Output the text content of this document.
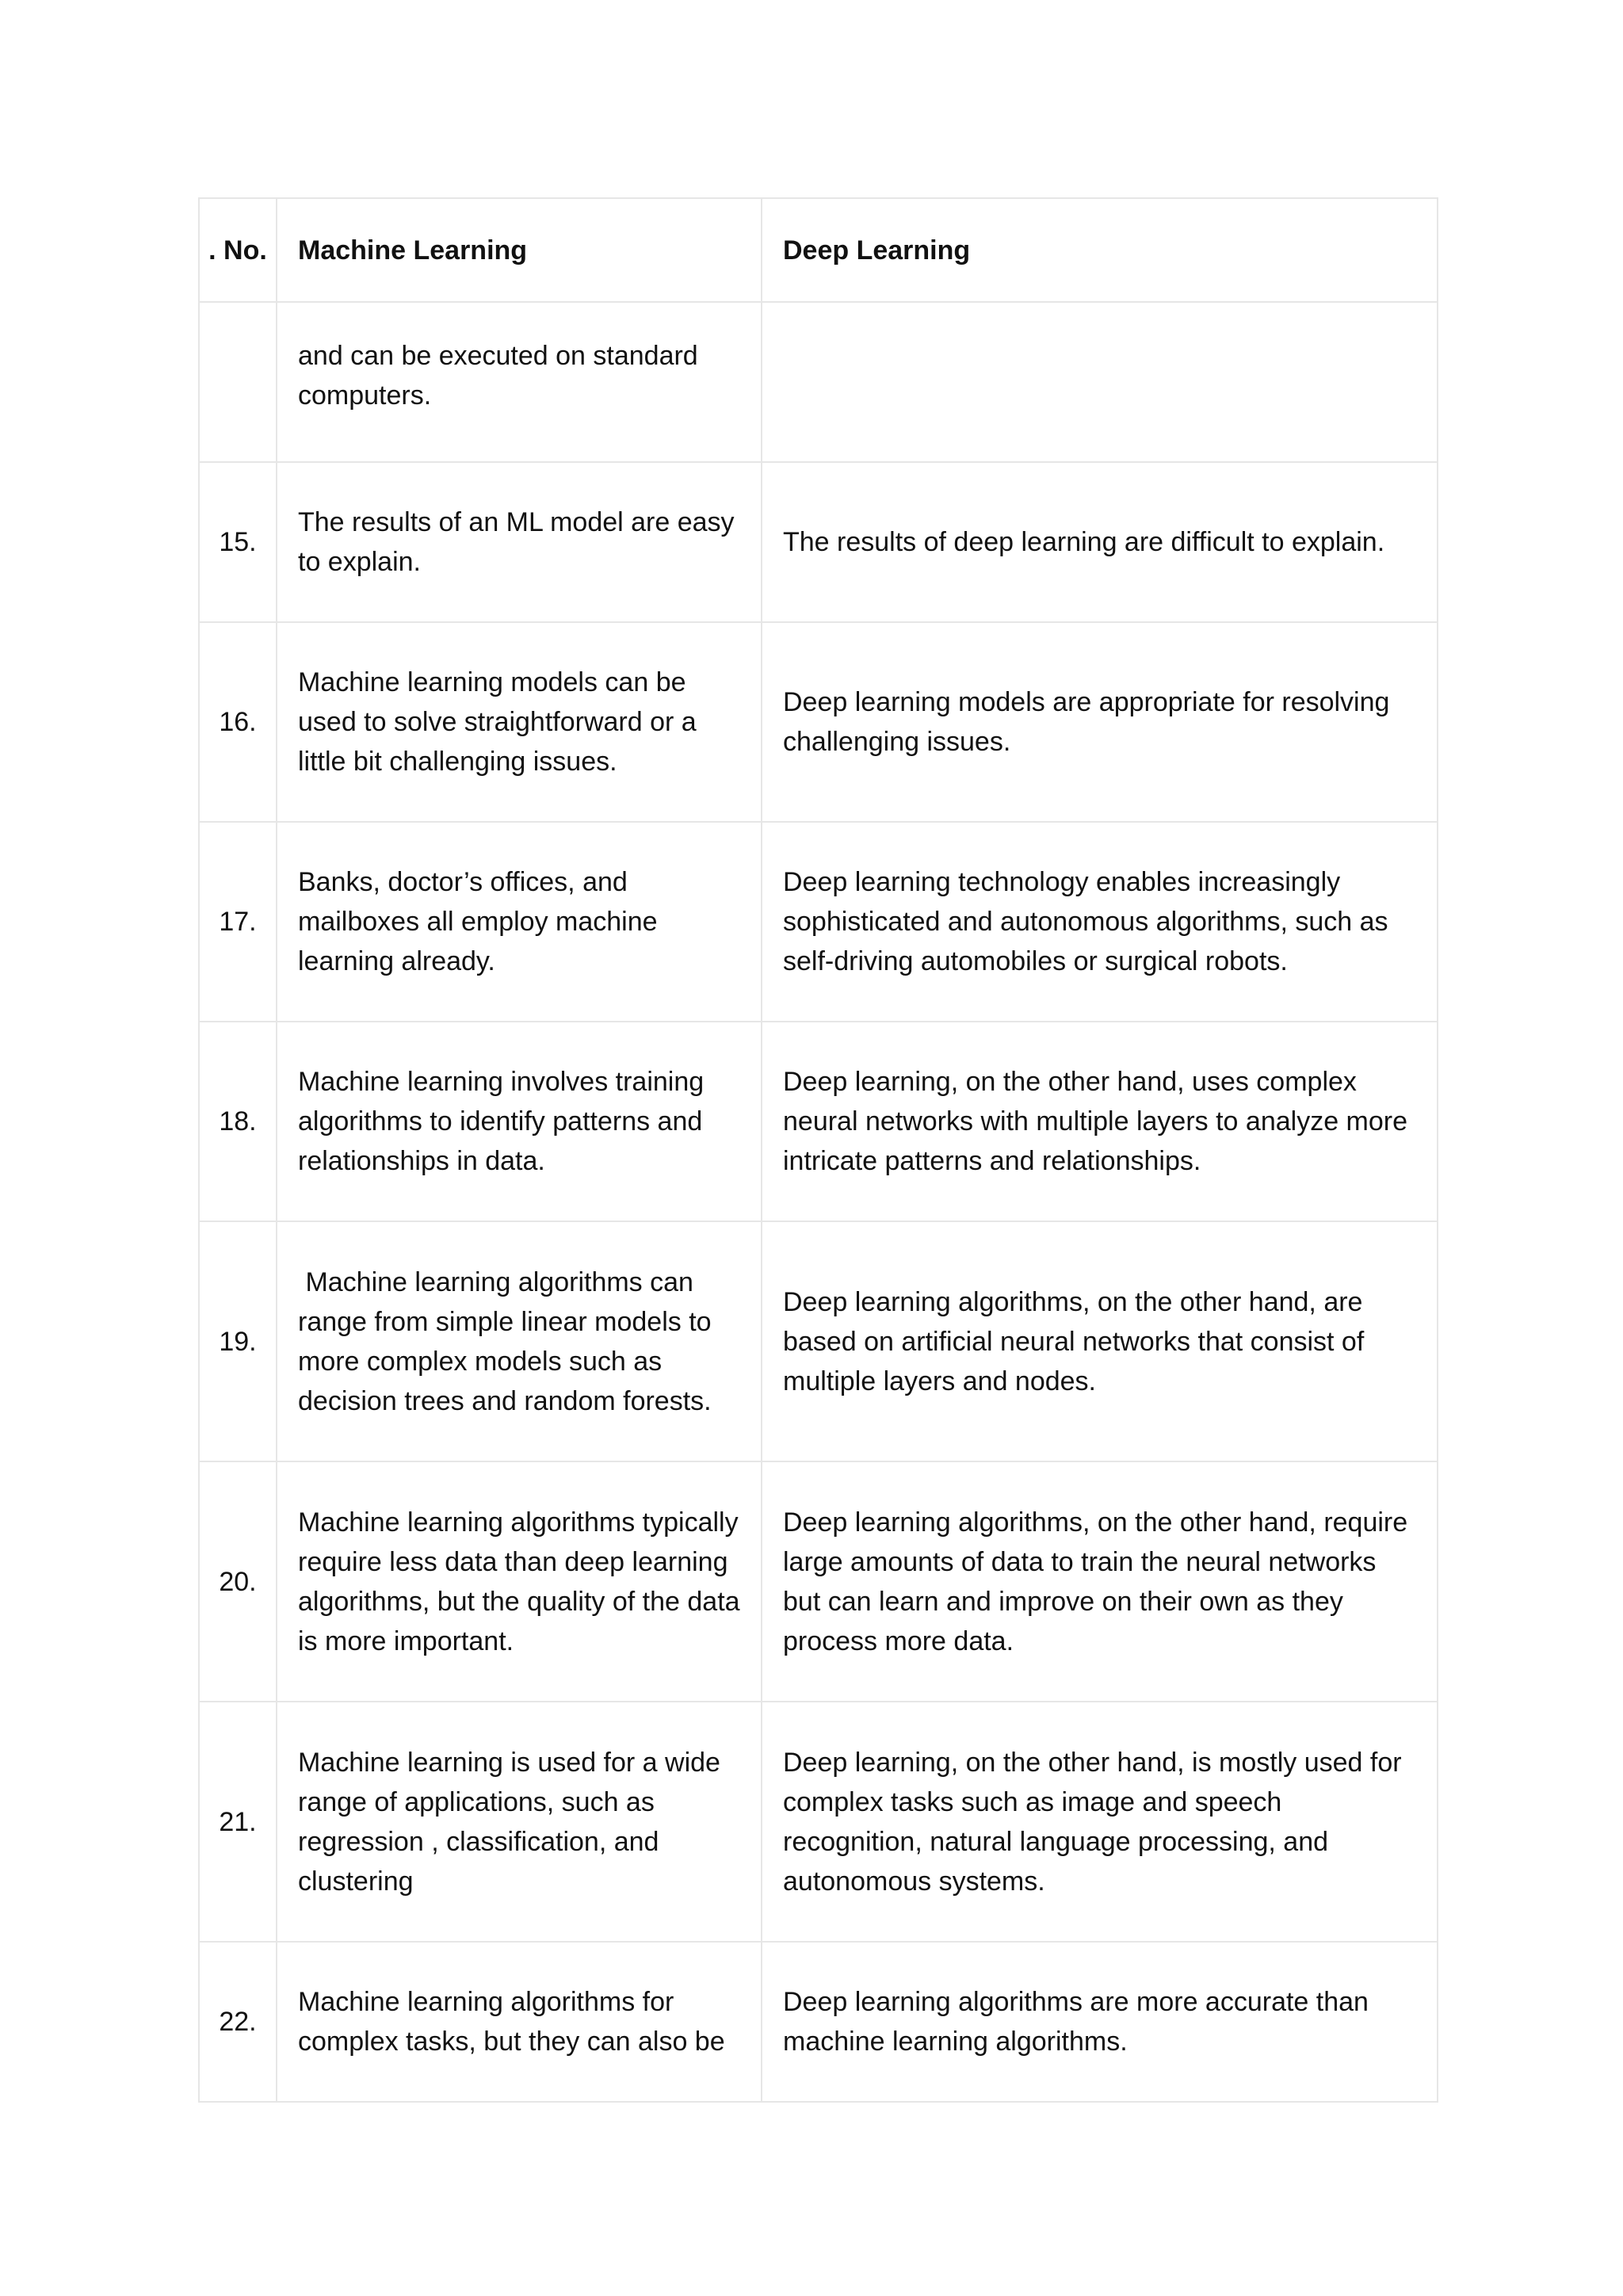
. No.	Machine Learning	Deep Learning

	and can be executed on standard computers.	

15.	The results of an ML model are easy to explain.	The results of deep learning are difficult to explain.

16.	Machine learning models can be used to solve straightforward or a little bit challenging issues.	Deep learning models are appropriate for resolving challenging issues.

17.	Banks, doctor’s offices, and mailboxes all employ machine learning already.	Deep learning technology enables increasingly sophisticated and autonomous algorithms, such as self-driving automobiles or surgical robots.

18.	Machine learning involves training algorithms to identify patterns and relationships in data.	Deep learning, on the other hand, uses complex neural networks with multiple layers to analyze more intricate patterns and relationships.

19.	Machine learning algorithms can range from simple linear models to more complex models such as decision trees and random forests.	Deep learning algorithms, on the other hand, are based on artificial neural networks that consist of multiple layers and nodes.

20.	Machine learning algorithms typically require less data than deep learning algorithms, but the quality of the data is more important.	Deep learning algorithms, on the other hand, require large amounts of data to train the neural networks but can learn and improve on their own as they process more data.

21.	Machine learning is used for a wide range of applications, such as regression , classification, and clustering	Deep learning, on the other hand, is mostly used for complex tasks such as image and speech recognition, natural language processing, and autonomous systems.

22.	Machine learning algorithms for complex tasks, but they can also be	Deep learning algorithms are more accurate than machine learning algorithms.
